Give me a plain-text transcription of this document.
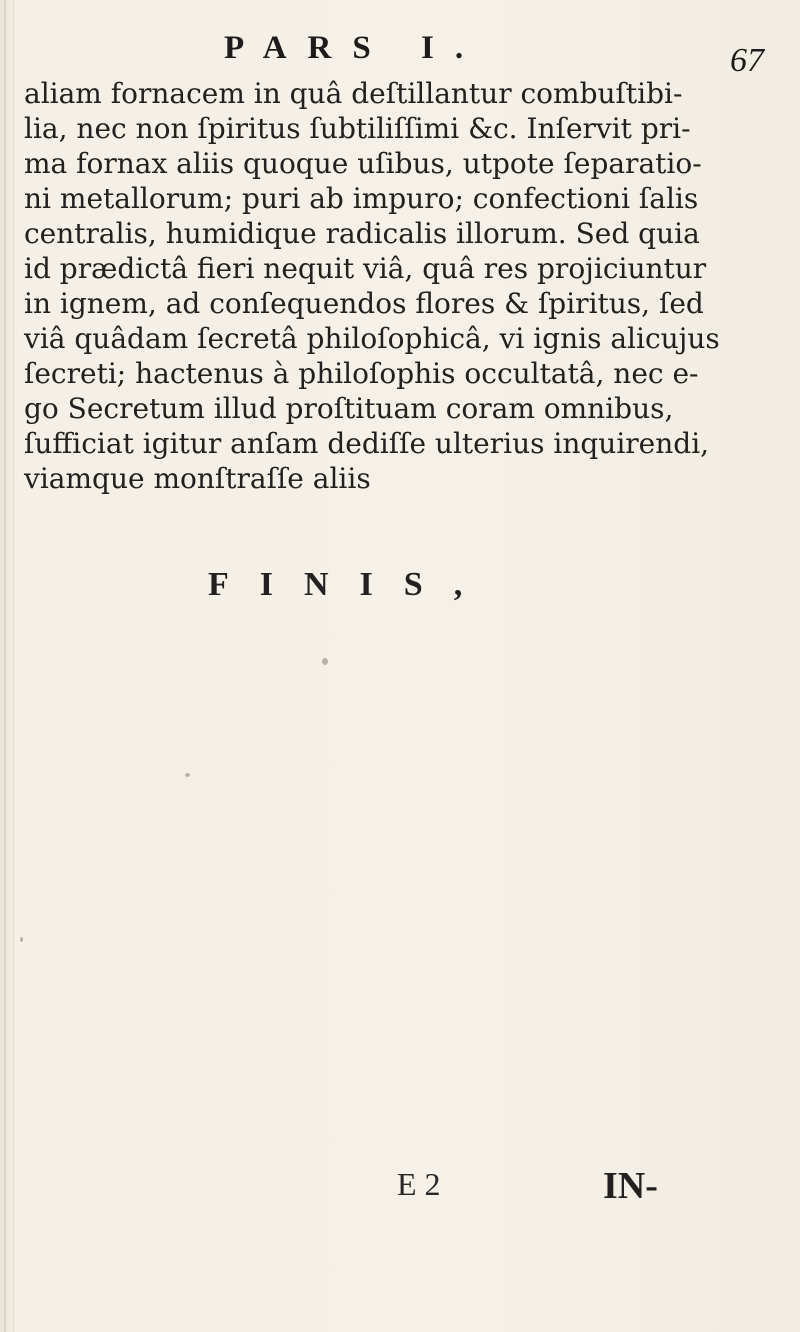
PARS I.	67
aliam fornacem in quâ deſtillantur combuſtibi-
lia, nec non ſpiritus ſubtiliſſimi &c. Inſervit pri-
ma fornax aliis quoque uſibus, utpote ſeparatio-
ni metallorum; puri ab impuro; confectioni ſalis
centralis, humidique radicalis illorum. Sed quia
id prædictâ fieri nequit viâ, quâ res projiciuntur
in ignem, ad conſequendos flores & ſpiritus, ſed
viâ quâdam ſecretâ philoſophicâ, vi ignis alicujus
ſecreti; hactenus à philoſophis occultatâ, nec e-
go Secretum illud proſtituam coram omnibus,
ſufficiat igitur anſam dediſſe ulterius inquirendi,
viamque monſtraſſe aliis
FINIS,
E 2	IN-
